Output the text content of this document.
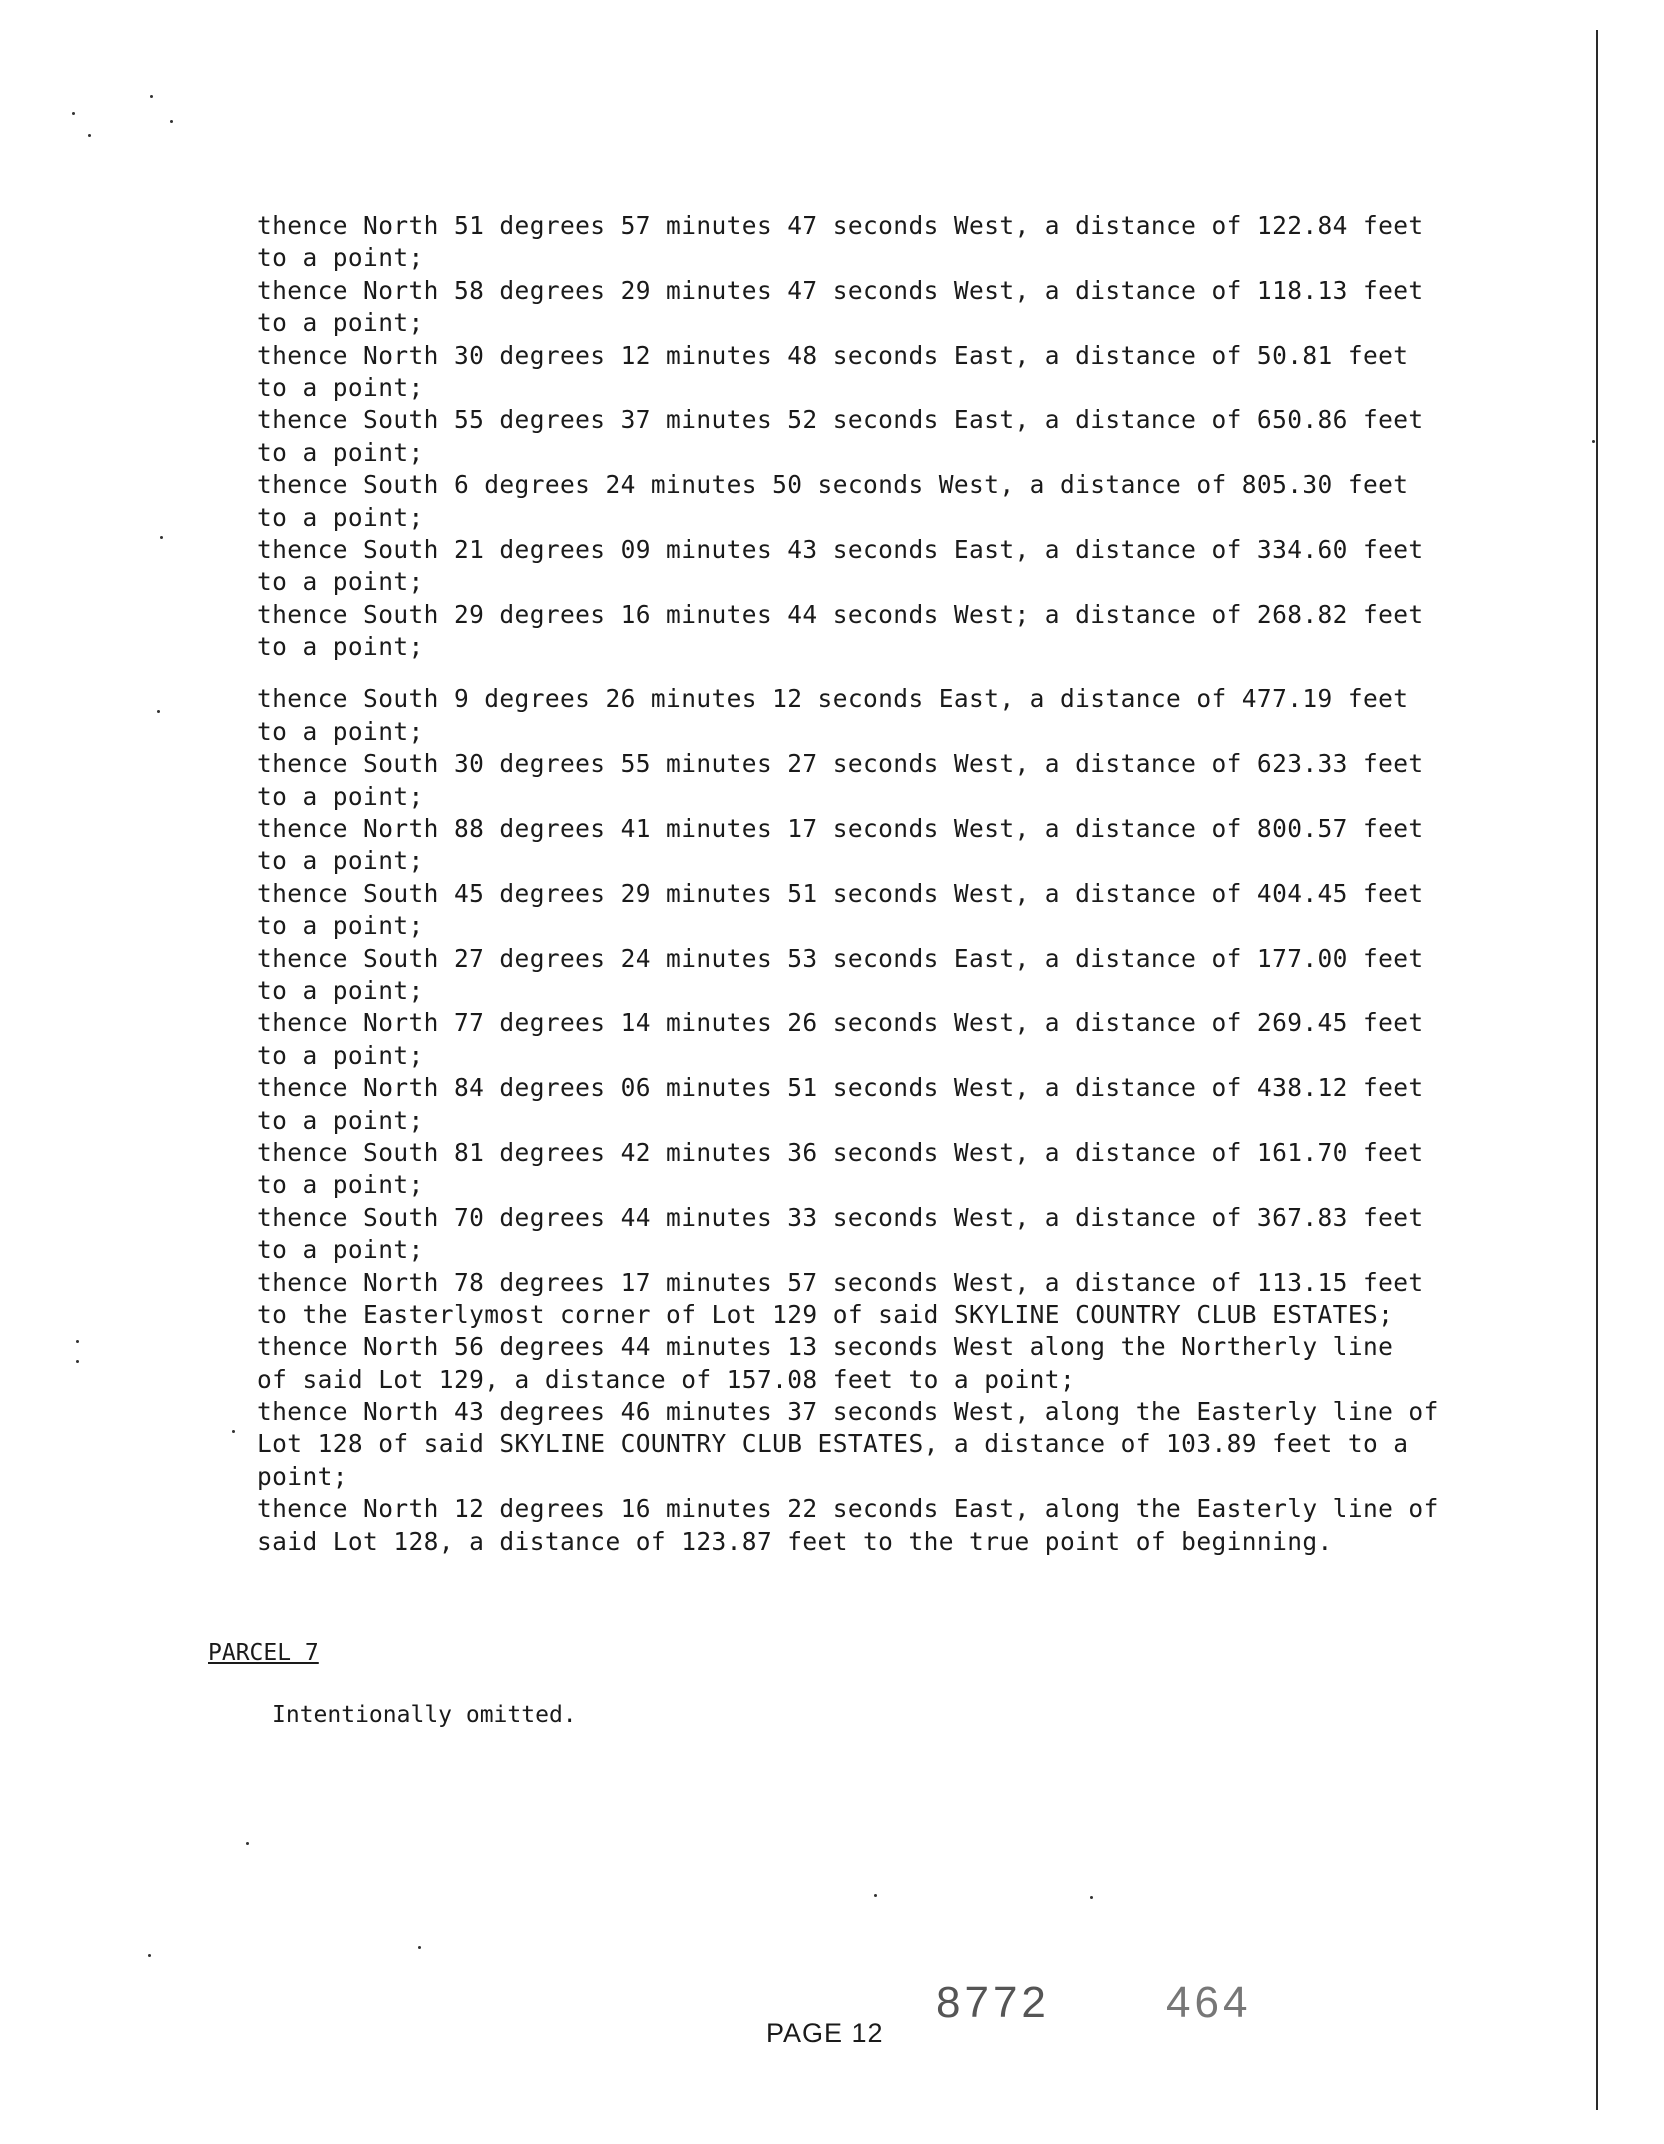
thence North 51 degrees 57 minutes 47 seconds West, a distance of 122.84 feet
to a point;
thence North 58 degrees 29 minutes 47 seconds West, a distance of 118.13 feet
to a point;
thence North 30 degrees 12 minutes 48 seconds East, a distance of 50.81 feet
to a point;
thence South 55 degrees 37 minutes 52 seconds East, a distance of 650.86 feet
to a point;
thence South 6 degrees 24 minutes 50 seconds West, a distance of 805.30 feet
to a point;
thence South 21 degrees 09 minutes 43 seconds East, a distance of 334.60 feet
to a point;
thence South 29 degrees 16 minutes 44 seconds West; a distance of 268.82 feet
to a point;
thence South 9 degrees 26 minutes 12 seconds East, a distance of 477.19 feet
to a point;
thence South 30 degrees 55 minutes 27 seconds West, a distance of 623.33 feet
to a point;
thence North 88 degrees 41 minutes 17 seconds West, a distance of 800.57 feet
to a point;
thence South 45 degrees 29 minutes 51 seconds West, a distance of 404.45 feet
to a point;
thence South 27 degrees 24 minutes 53 seconds East, a distance of 177.00 feet
to a point;
thence North 77 degrees 14 minutes 26 seconds West, a distance of 269.45 feet
to a point;
thence North 84 degrees 06 minutes 51 seconds West, a distance of 438.12 feet
to a point;
thence South 81 degrees 42 minutes 36 seconds West, a distance of 161.70 feet
to a point;
thence South 70 degrees 44 minutes 33 seconds West, a distance of 367.83 feet
to a point;
thence North 78 degrees 17 minutes 57 seconds West, a distance of 113.15 feet
to the Easterlymost corner of Lot 129 of said SKYLINE COUNTRY CLUB ESTATES;
thence North 56 degrees 44 minutes 13 seconds West along the Northerly line
of said Lot 129, a distance of 157.08 feet to a point;
thence North 43 degrees 46 minutes 37 seconds West, along the Easterly line of
Lot 128 of said SKYLINE COUNTRY CLUB ESTATES, a distance of 103.89 feet to a
point;
thence North 12 degrees 16 minutes 22 seconds East, along the Easterly line of
said Lot 128, a distance of 123.87 feet to the true point of beginning.
PARCEL 7
Intentionally omitted.
PAGE 12
8772	464
